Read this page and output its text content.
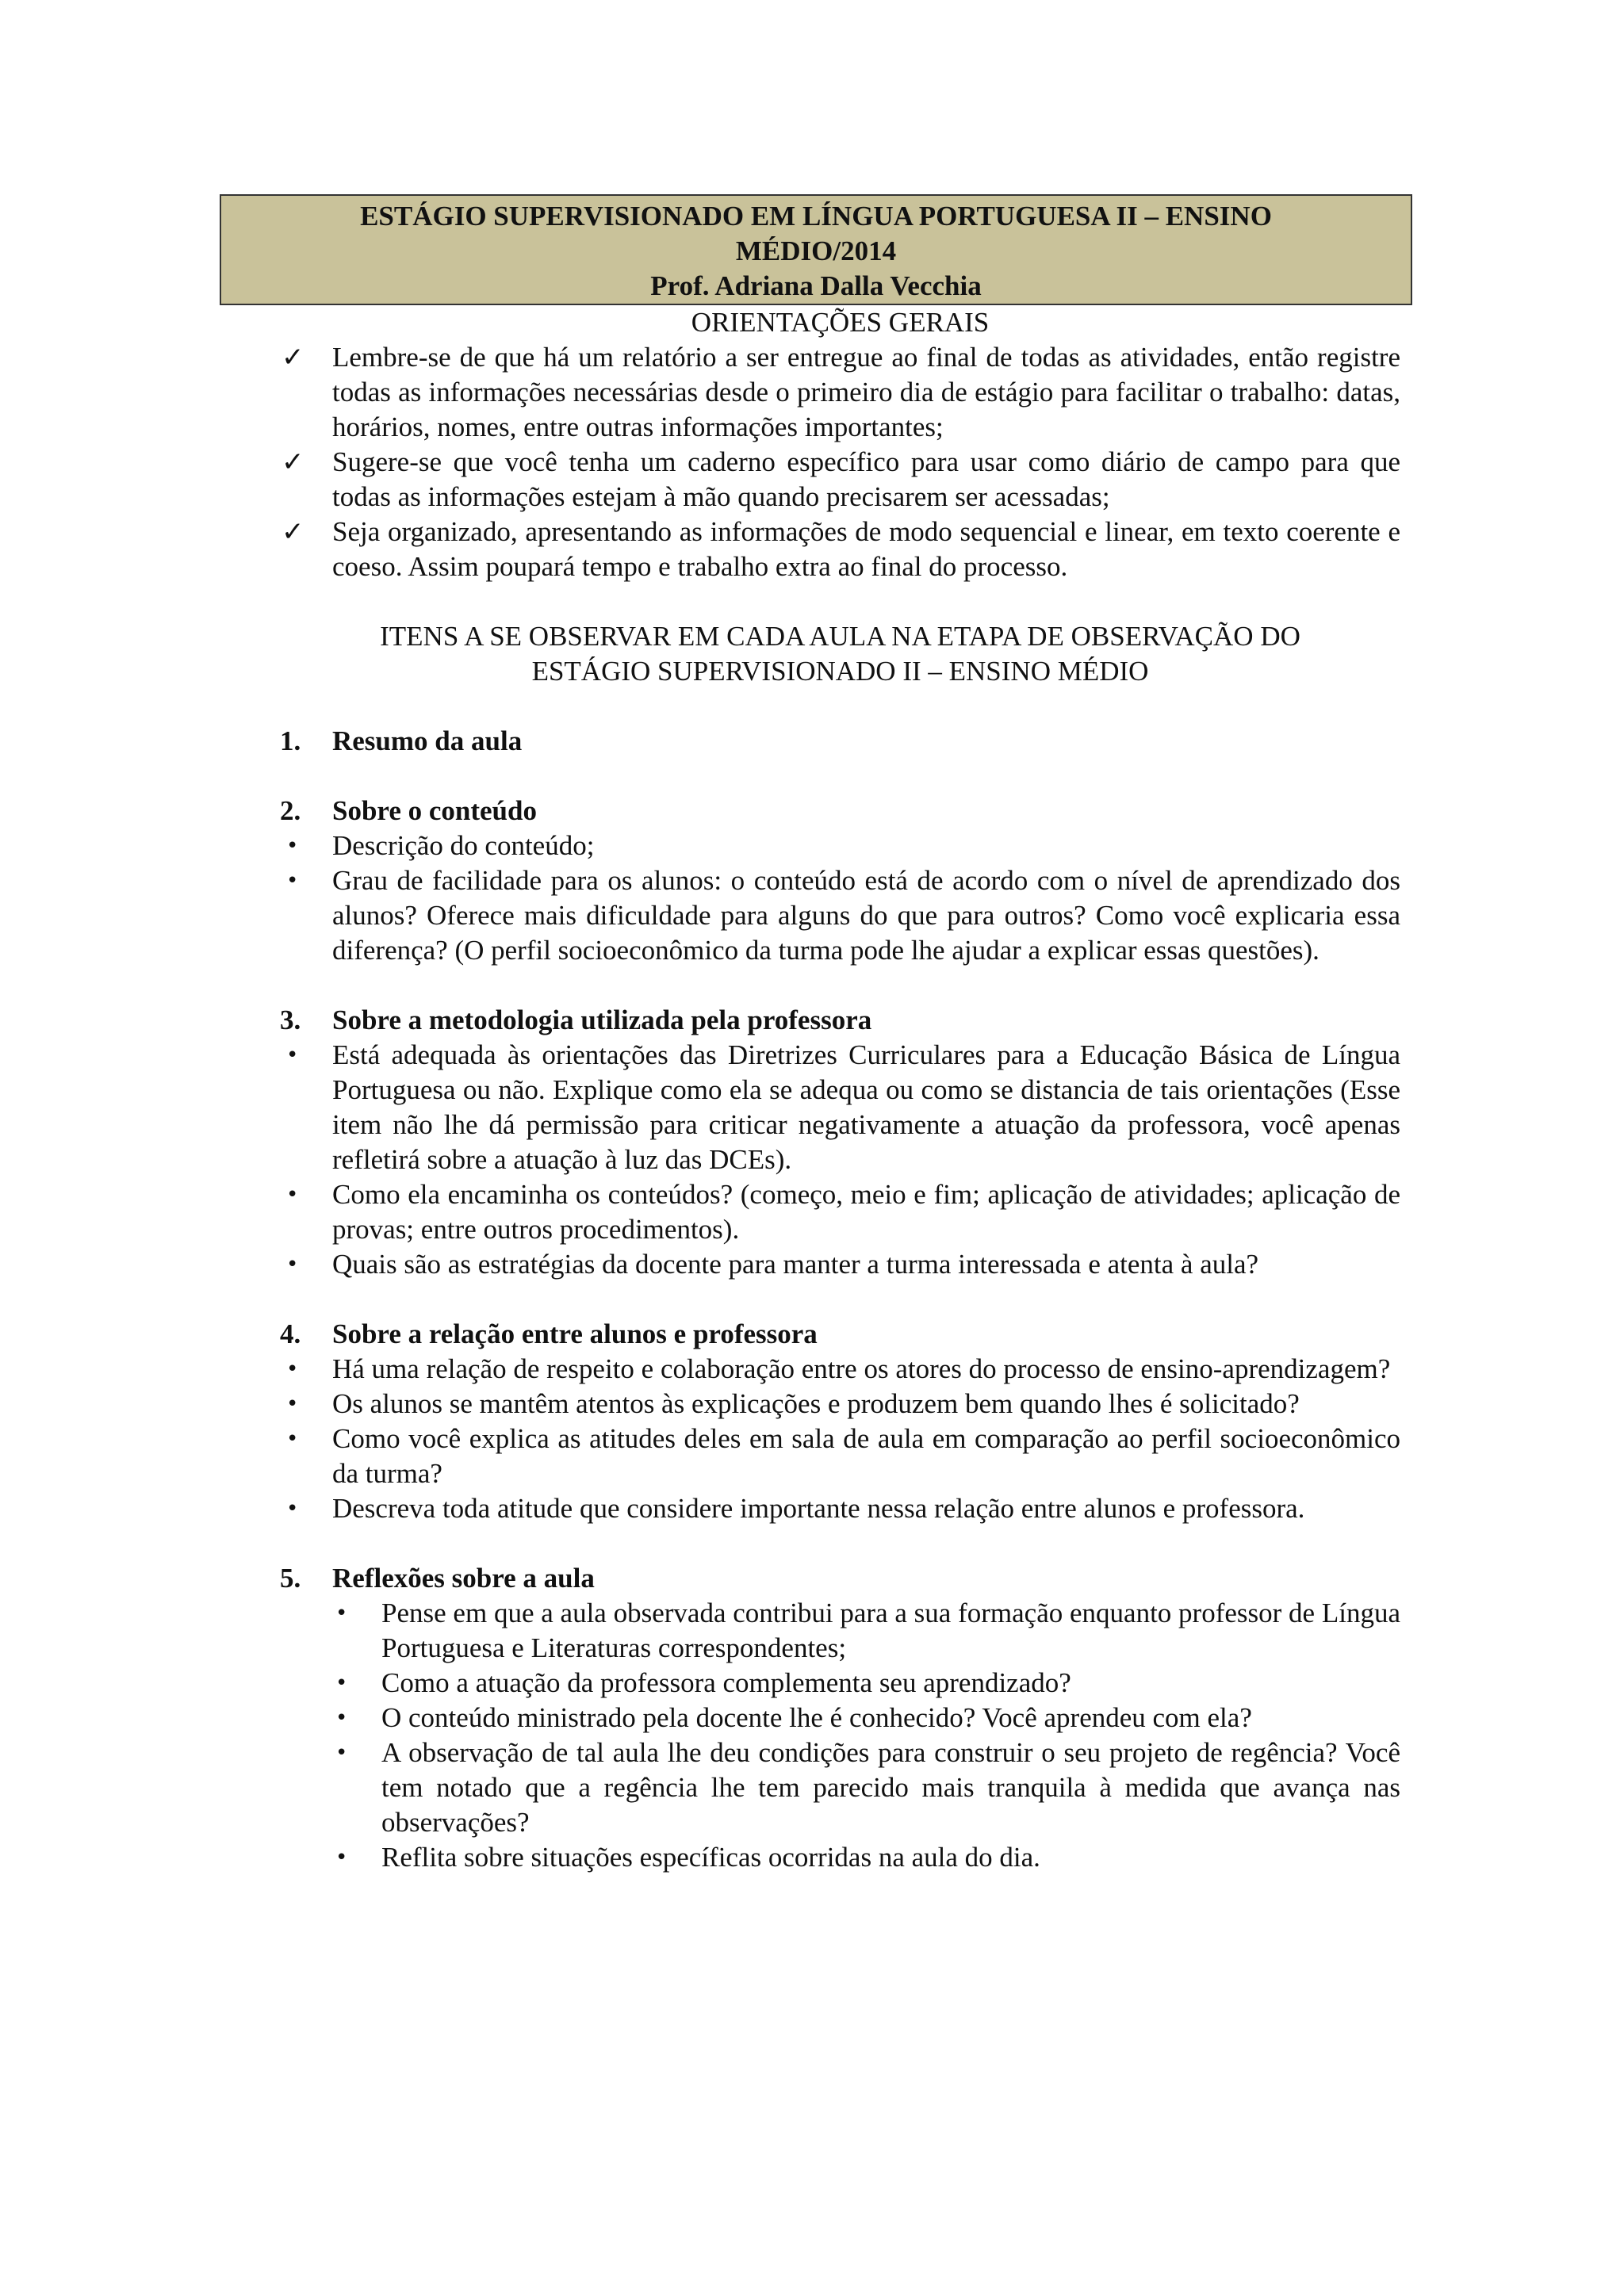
ESTÁGIO SUPERVISIONADO EM LÍNGUA PORTUGUESA II – ENSINO
MÉDIO/2014
Prof. Adriana Dalla Vecchia
ORIENTAÇÕES GERAIS
✓	Lembre-se de que há um relatório a ser entregue ao final de todas as atividades, então registre todas as informações necessárias desde o primeiro dia de estágio para facilitar o trabalho: datas, horários, nomes, entre outras informações importantes;
✓	Sugere-se que você tenha um caderno específico para usar como diário de campo para que todas as informações estejam à mão quando precisarem ser acessadas;
✓	Seja organizado, apresentando as informações de modo sequencial e linear, em texto coerente e coeso. Assim poupará tempo e trabalho extra ao final do processo.
ITENS A SE OBSERVAR EM CADA AULA NA ETAPA DE OBSERVAÇÃO DO
ESTÁGIO SUPERVISIONADO II – ENSINO MÉDIO
1. Resumo da aula
2. Sobre o conteúdo
•	Descrição do conteúdo;
•	Grau de facilidade para os alunos: o conteúdo está de acordo com o nível de aprendizado dos alunos? Oferece mais dificuldade para alguns do que para outros? Como você explicaria essa diferença? (O perfil socioeconômico da turma pode lhe ajudar a explicar essas questões).
3. Sobre a metodologia utilizada pela professora
•	Está adequada às orientações das Diretrizes Curriculares para a Educação Básica de Língua Portuguesa ou não. Explique como ela se adequa ou como se distancia de tais orientações (Esse item não lhe dá permissão para criticar negativamente a atuação da professora, você apenas refletirá sobre a atuação à luz das DCEs).
•	Como ela encaminha os conteúdos? (começo, meio e fim; aplicação de atividades; aplicação de provas; entre outros procedimentos).
•	Quais são as estratégias da docente para manter a turma interessada e atenta à aula?
4. Sobre a relação entre alunos e professora
•	Há uma relação de respeito e colaboração entre os atores do processo de ensino-aprendizagem?
•	Os alunos se mantêm atentos às explicações e produzem bem quando lhes é solicitado?
•	Como você explica as atitudes deles em sala de aula em comparação ao perfil socioeconômico da turma?
•	Descreva toda atitude que considere importante nessa relação entre alunos e professora.
5. Reflexões sobre a aula
•	Pense em que a aula observada contribui para a sua formação enquanto professor de Língua Portuguesa e Literaturas correspondentes;
•	Como a atuação da professora complementa seu aprendizado?
•	O conteúdo ministrado pela docente lhe é conhecido? Você aprendeu com ela?
•	A observação de tal aula lhe deu condições para construir o seu projeto de regência? Você tem notado que a regência lhe tem parecido mais tranquila à medida que avança nas observações?
•	Reflita sobre situações específicas ocorridas na aula do dia.
